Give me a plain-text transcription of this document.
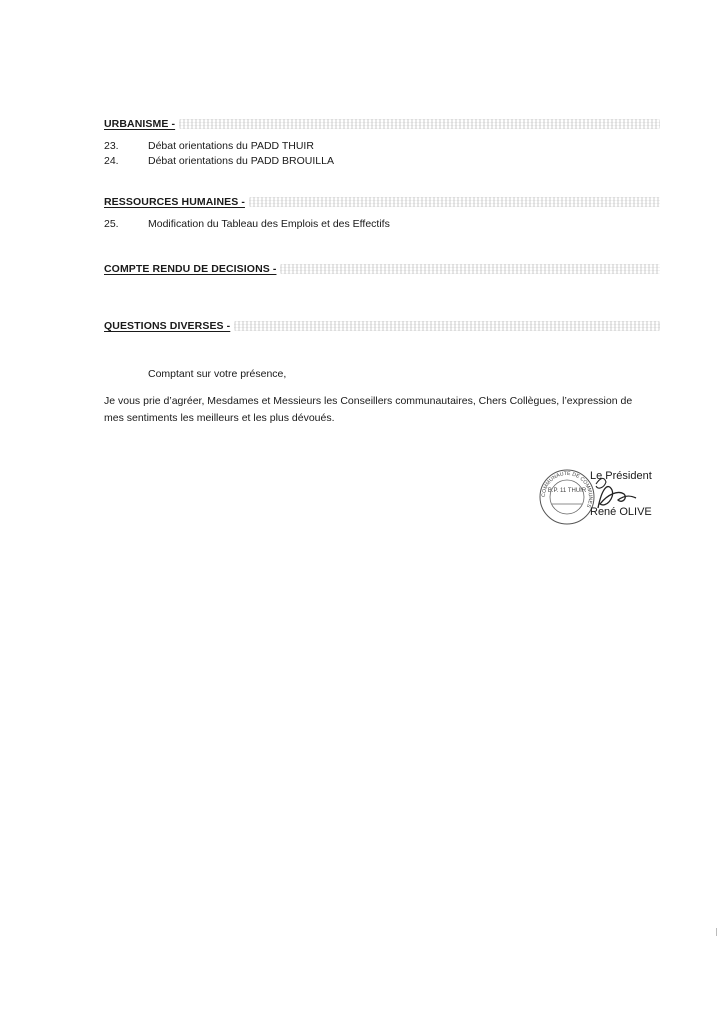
URBANISME -
23.	Débat orientations du PADD THUIR
24.	Débat orientations du PADD BROUILLA
RESSOURCES HUMAINES -
25.	Modification du Tableau des Emplois et des Effectifs
COMPTE RENDU DE DECISIONS -
QUESTIONS DIVERSES -
Comptant sur votre présence,
Je vous prie d’agréer, Mesdames et Messieurs les Conseillers communautaires, Chers Collègues, l’expression de
mes sentiments les meilleurs et les plus dévoués.
COMMUNAUTE DE COMMUNES
B.P. 11 THUIR
Le Président
René OLIVE
